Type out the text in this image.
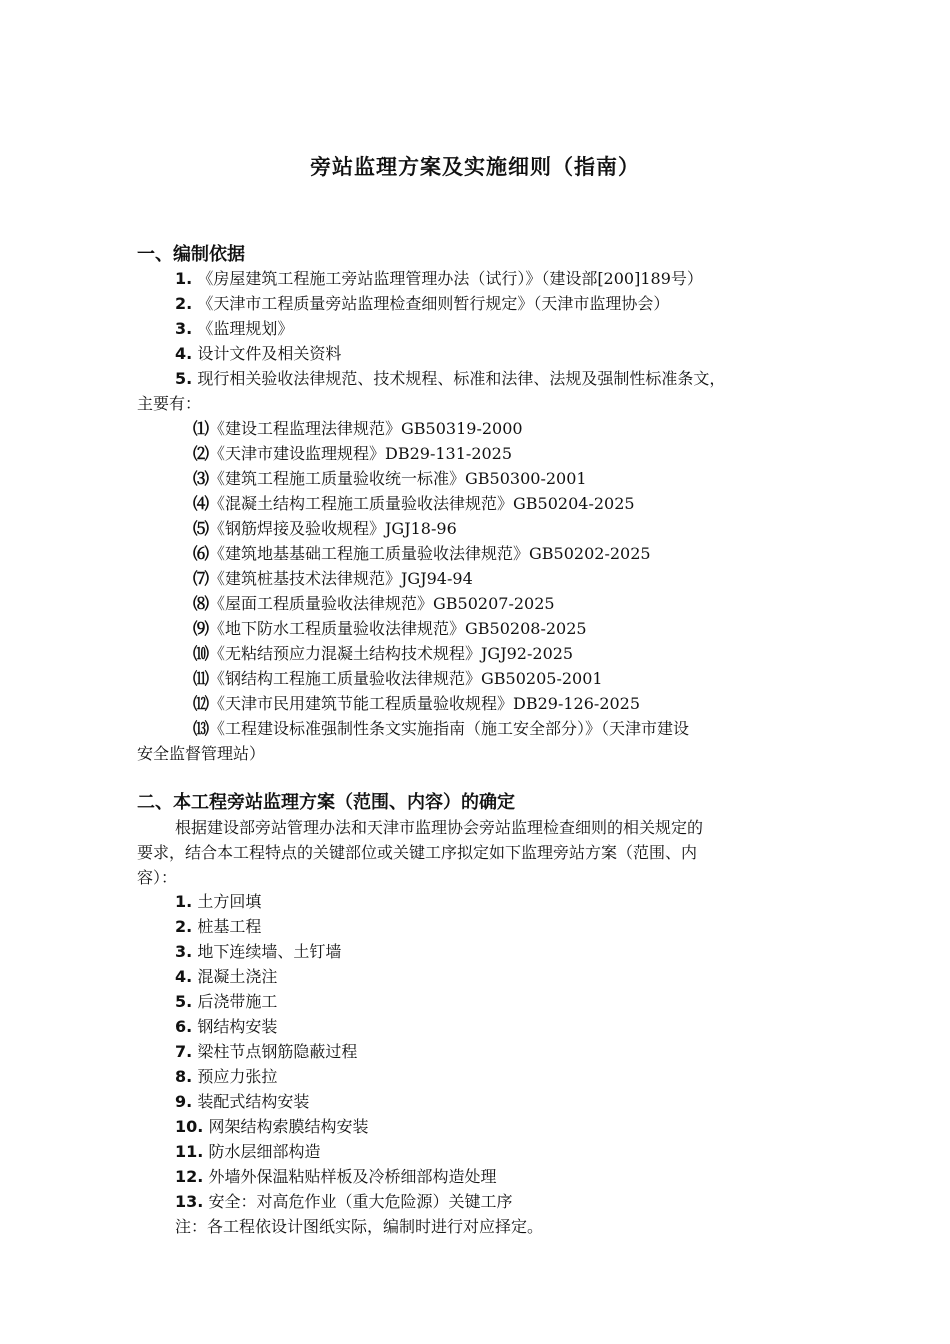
旁站监理方案及实施细则（指南）
一、编制依据
1. 《房屋建筑工程施工旁站监理管理办法（试行）》（建设部[200]189号）
2. 《天津市工程质量旁站监理检查细则暂行规定》（天津市监理协会）
3. 《监理规划》
4. 设计文件及相关资料
5. 现行相关验收法律规范、技术规程、标准和法律、法规及强制性标准条文，
主要有：
⑴《建设工程监理法律规范》GB50319-2000
⑵《天津市建设监理规程》DB29-131-2025
⑶《建筑工程施工质量验收统一标准》GB50300-2001
⑷《混凝土结构工程施工质量验收法律规范》GB50204-2025
⑸《钢筋焊接及验收规程》JGJ18-96
⑹《建筑地基基础工程施工质量验收法律规范》GB50202-2025
⑺《建筑桩基技术法律规范》JGJ94-94
⑻《屋面工程质量验收法律规范》GB50207-2025
⑼《地下防水工程质量验收法律规范》GB50208-2025
⑽《无粘结预应力混凝土结构技术规程》JGJ92-2025
⑾《钢结构工程施工质量验收法律规范》GB50205-2001
⑿《天津市民用建筑节能工程质量验收规程》DB29-126-2025
⒀《工程建设标准强制性条文实施指南（施工安全部分）》（天津市建设
安全监督管理站）
二、本工程旁站监理方案（范围、内容）的确定
根据建设部旁站管理办法和天津市监理协会旁站监理检查细则的相关规定的
要求，结合本工程特点的关键部位或关键工序拟定如下监理旁站方案（范围、内
容）：
1. 土方回填
2. 桩基工程
3. 地下连续墙、土钉墙
4. 混凝土浇注
5. 后浇带施工
6. 钢结构安装
7. 梁柱节点钢筋隐蔽过程
8. 预应力张拉
9. 装配式结构安装
10. 网架结构索膜结构安装
11. 防水层细部构造
12. 外墙外保温粘贴样板及冷桥细部构造处理
13. 安全：对高危作业（重大危险源）关键工序
注：各工程依设计图纸实际，编制时进行对应择定。
